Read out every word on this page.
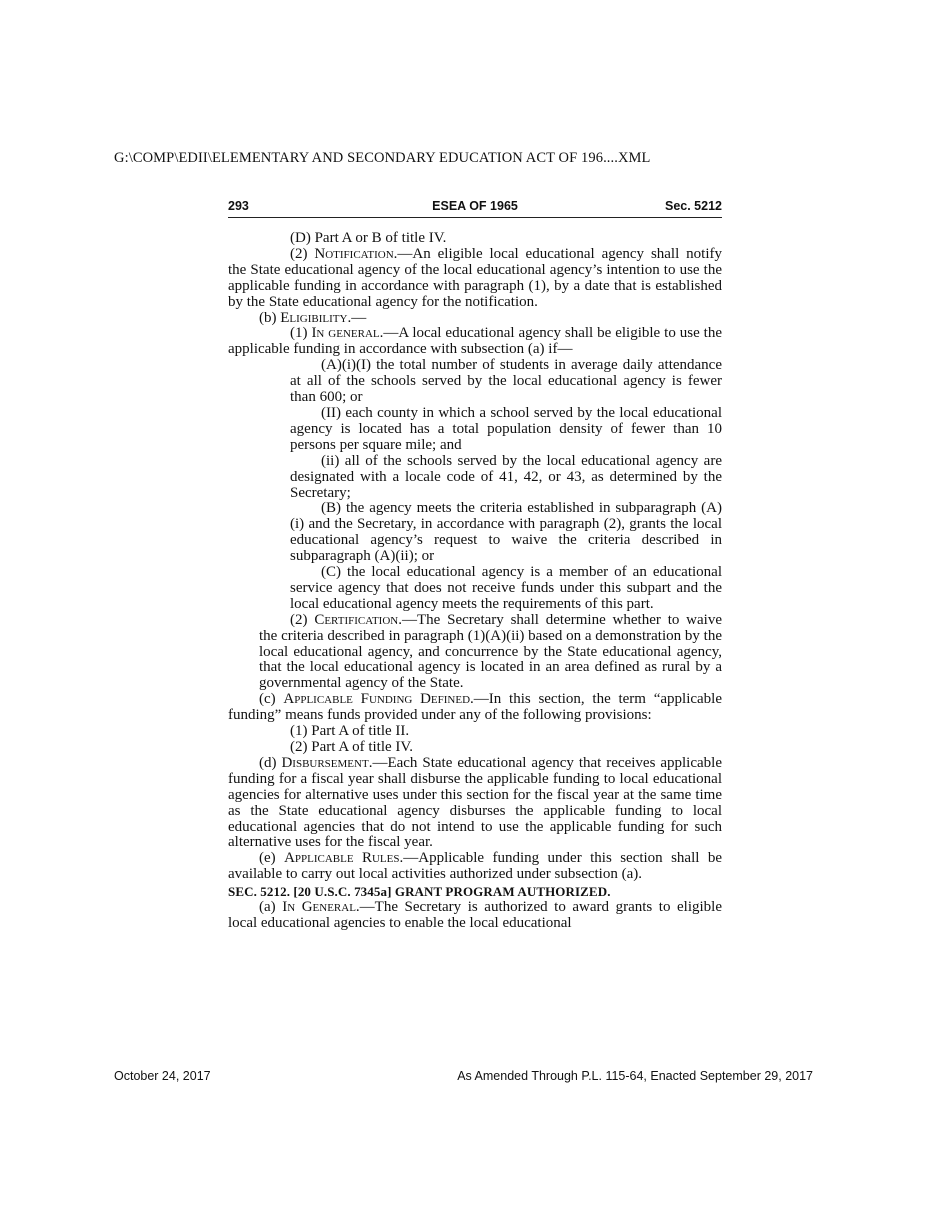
G:\COMP\EDII\ELEMENTARY AND SECONDARY EDUCATION ACT OF 196....XML
293	ESEA OF 1965	Sec. 5212

(D) Part A or B of title IV.

(2) Notification.—An eligible local educational agency shall notify the State educational agency of the local educational agency’s intention to use the applicable funding in accordance with paragraph (1), by a date that is established by the State educational agency for the notification.

(b) Eligibility.—

(1) In general.—A local educational agency shall be eligible to use the applicable funding in accordance with subsection (a) if—

(A)(i)(I) the total number of students in average daily attendance at all of the schools served by the local educational agency is fewer than 600; or

(II) each county in which a school served by the local educational agency is located has a total population density of fewer than 10 persons per square mile; and

(ii) all of the schools served by the local educational agency are designated with a locale code of 41, 42, or 43, as determined by the Secretary;

(B) the agency meets the criteria established in subparagraph (A)(i) and the Secretary, in accordance with paragraph (2), grants the local educational agency’s request to waive the criteria described in subparagraph (A)(ii); or

(C) the local educational agency is a member of an educational service agency that does not receive funds under this subpart and the local educational agency meets the requirements of this part.

(2) Certification.—The Secretary shall determine whether to waive the criteria described in paragraph (1)(A)(ii) based on a demonstration by the local educational agency, and concurrence by the State educational agency, that the local educational agency is located in an area defined as rural by a governmental agency of the State.

(c) Applicable Funding Defined.—In this section, the term “applicable funding” means funds provided under any of the following provisions:

(1) Part A of title II.

(2) Part A of title IV.

(d) Disbursement.—Each State educational agency that receives applicable funding for a fiscal year shall disburse the applicable funding to local educational agencies for alternative uses under this section for the fiscal year at the same time as the State educational agency disburses the applicable funding to local educational agencies that do not intend to use the applicable funding for such alternative uses for the fiscal year.

(e) Applicable Rules.—Applicable funding under this section shall be available to carry out local activities authorized under subsection (a).

SEC. 5212. [20 U.S.C. 7345a] GRANT PROGRAM AUTHORIZED.

(a) In General.—The Secretary is authorized to award grants to eligible local educational agencies to enable the local educational

October 24, 2017	As Amended Through P.L. 115-64, Enacted September 29, 2017
